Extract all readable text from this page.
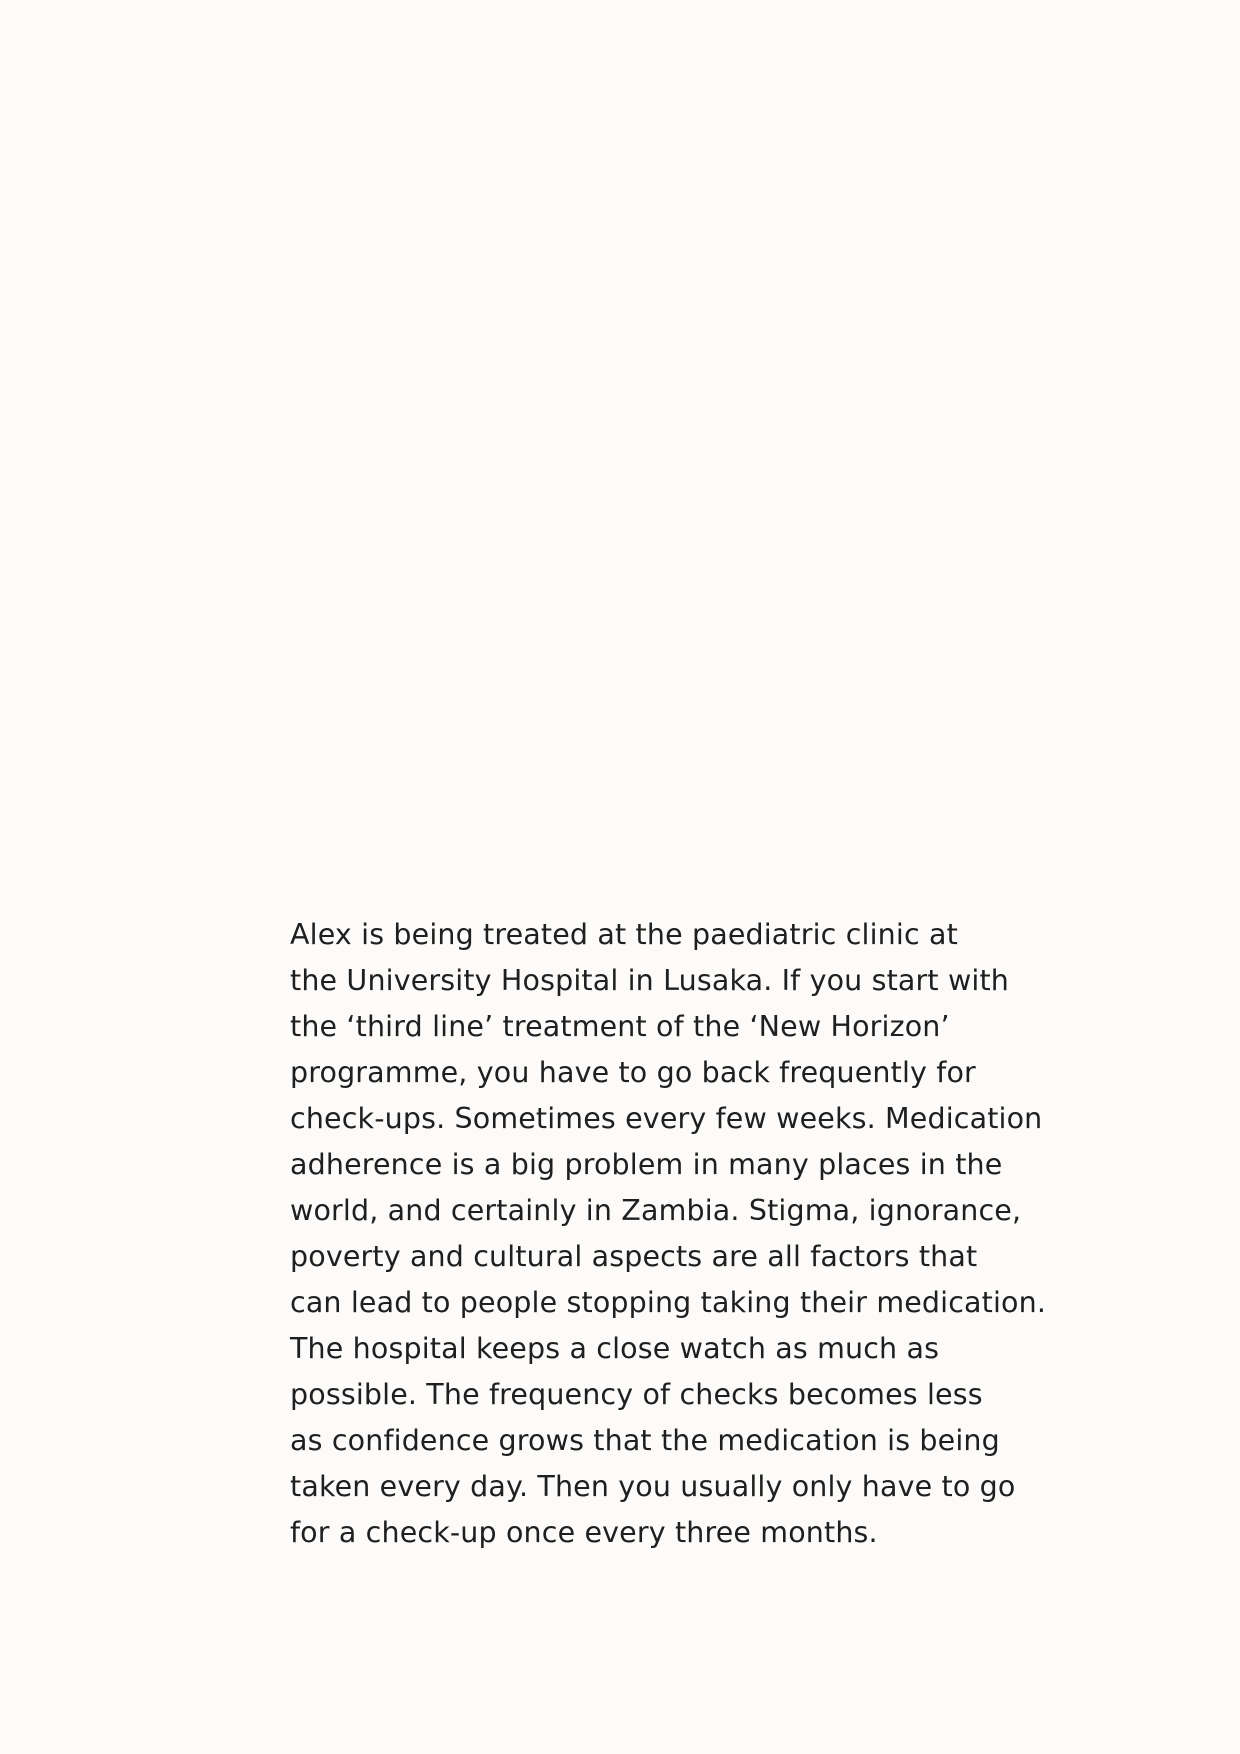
Alex is being treated at the paediatric clinic at
the University Hospital in Lusaka. If you start with
the ‘third line’ treatment of the ‘New Horizon’
programme, you have to go back frequently for
check-ups. Sometimes every few weeks. Medication
adherence is a big problem in many places in the
world, and certainly in Zambia. Stigma, ignorance,
poverty and cultural aspects are all factors that
can lead to people stopping taking their medication.
The hospital keeps a close watch as much as
possible. The frequency of checks becomes less
as confidence grows that the medication is being
taken every day. Then you usually only have to go
for a check-up once every three months.
